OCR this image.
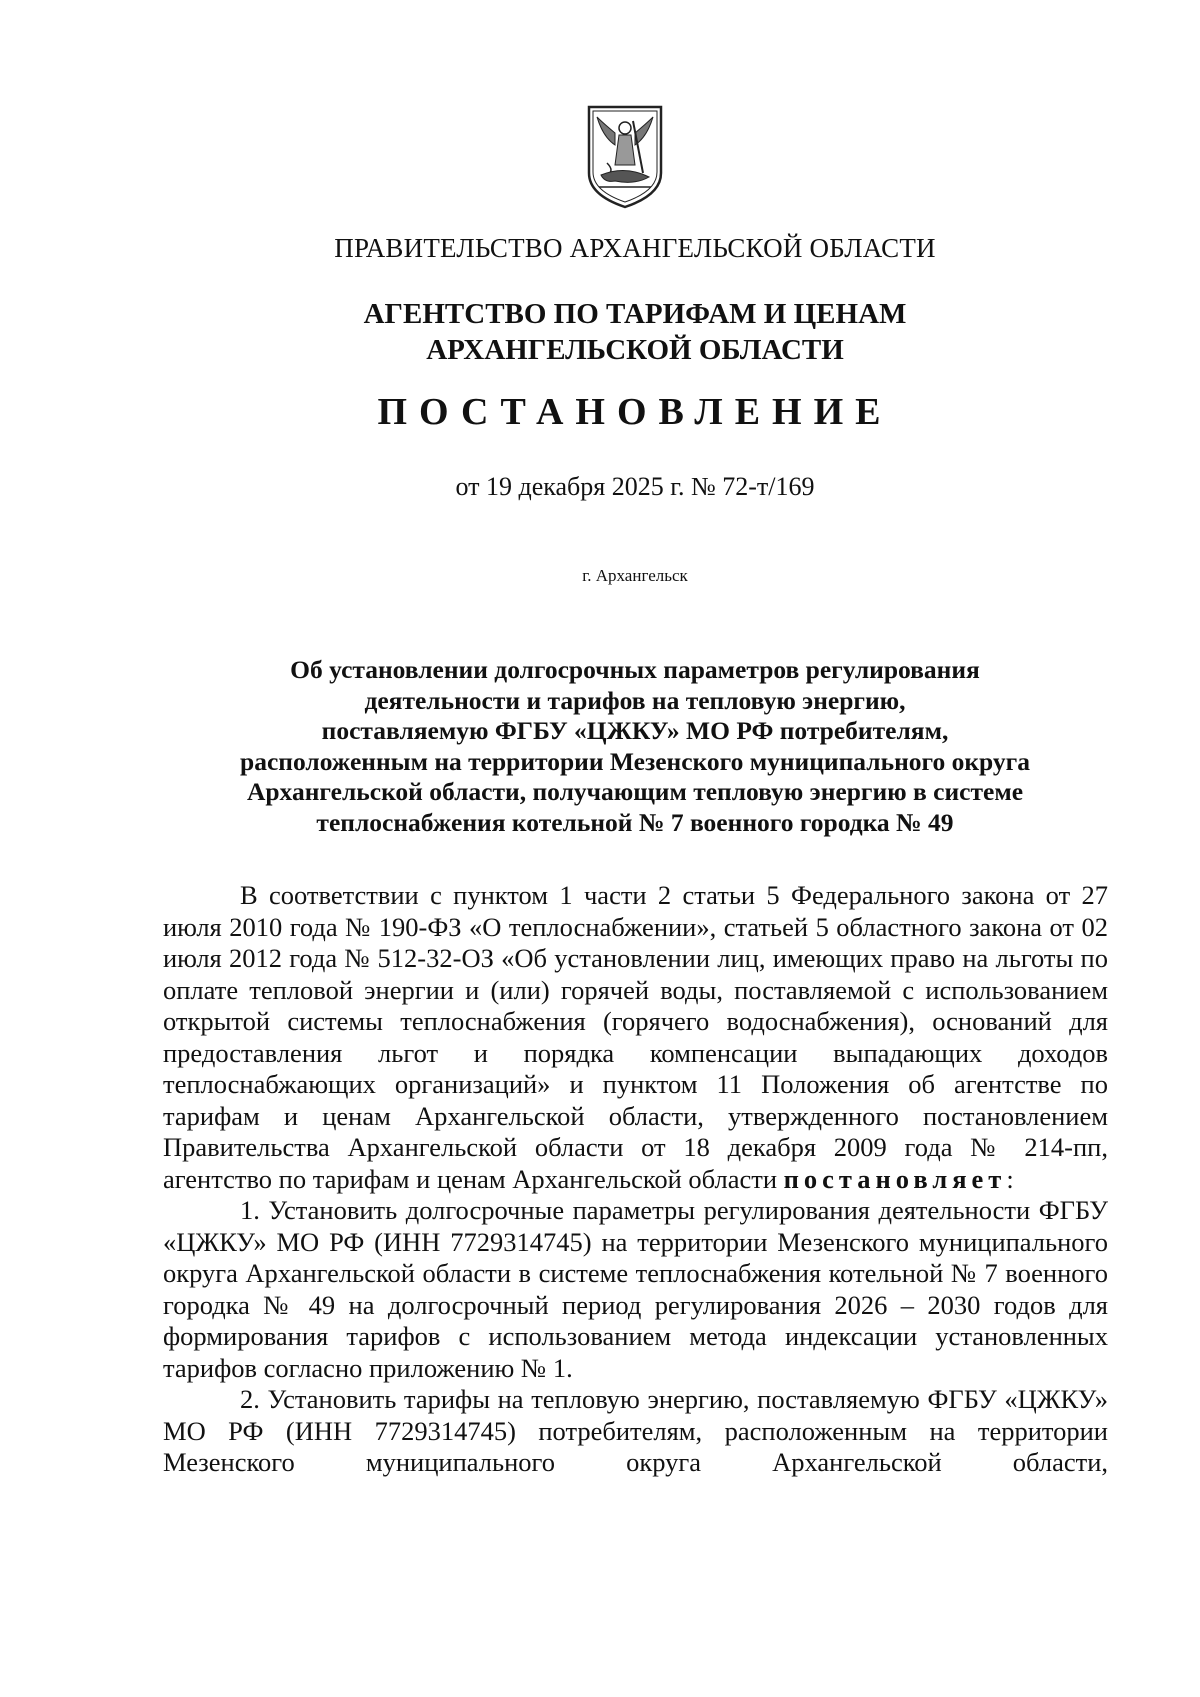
ПРАВИТЕЛЬСТВО АРХАНГЕЛЬСКОЙ ОБЛАСТИ
АГЕНТСТВО ПО ТАРИФАМ И ЦЕНАМ
АРХАНГЕЛЬСКОЙ ОБЛАСТИ
ПОСТАНОВЛЕНИЕ
от 19 декабря 2025 г. № 72-т/169
г. Архангельск
Об установлении долгосрочных параметров регулирования
деятельности и тарифов на тепловую энергию,
поставляемую ФГБУ «ЦЖКУ» МО РФ потребителям,
расположенным на территории Мезенского муниципального округа
Архангельской области, получающим тепловую энергию в системе
теплоснабжения котельной № 7 военного городка № 49

В соответствии с пунктом 1 части 2 статьи 5 Федерального закона от 27 июля 2010 года № 190-ФЗ «О теплоснабжении», статьей 5 областного закона от 02 июля 2012 года № 512-32-ОЗ «Об установлении лиц, имеющих право на льготы по оплате тепловой энергии и (или) горячей воды, поставляемой с использованием открытой системы теплоснабжения (горячего водоснабжения), оснований для предоставления льгот и порядка компенсации выпадающих доходов теплоснабжающих организаций» и пунктом 11 Положения об агентстве по тарифам и ценам Архангельской области, утвержденного постановлением Правительства Архангельской области от 18 декабря 2009 года № 214-пп, агентство по тарифам и ценам Архангельской области постановляет:

1. Установить долгосрочные параметры регулирования деятельности ФГБУ «ЦЖКУ» МО РФ (ИНН 7729314745) на территории Мезенского муниципального округа Архангельской области в системе теплоснабжения котельной № 7 военного городка № 49 на долгосрочный период регулирования 2026 – 2030 годов для формирования тарифов с использованием метода индексации установленных тарифов согласно приложению № 1.

2. Установить тарифы на тепловую энергию, поставляемую ФГБУ «ЦЖКУ» МО РФ (ИНН 7729314745) потребителям, расположенным на территории Мезенского муниципального округа Архангельской области,
